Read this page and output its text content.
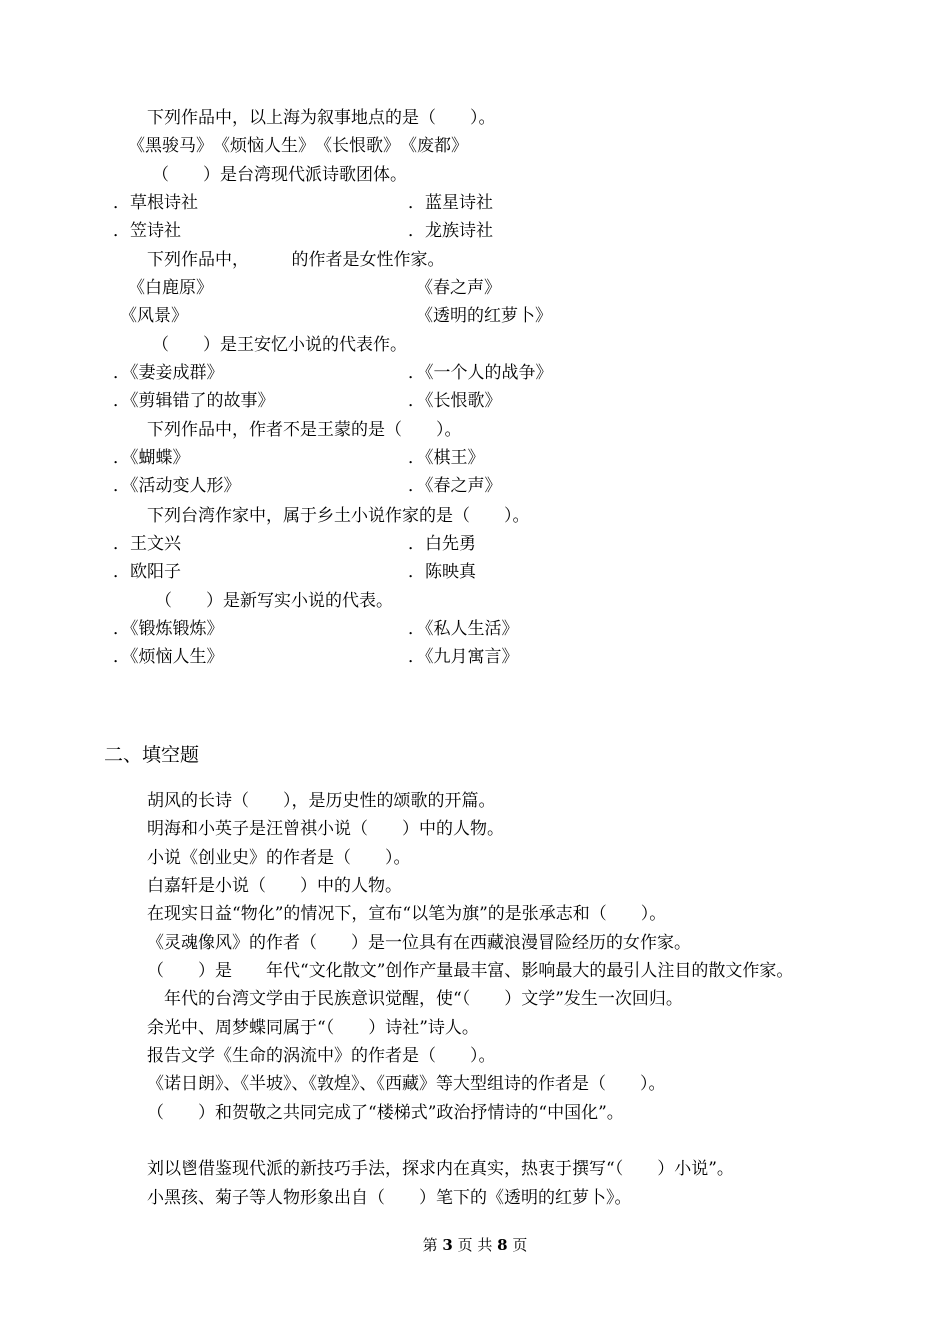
下列作品中，以上海为叙事地点的是（　　）。
《黑骏马》　《烦恼人生》　《长恨歌》　《废都》
（　　）是台湾现代派诗歌团体。
．草根诗社	．蓝星诗社
．笠诗社	．龙族诗社
下列作品中，　　　的作者是女性作家。
《白鹿原》	《春之声》
《风景》	《透明的红萝卜》
（　　）是王安忆小说的代表作。
．《妻妾成群》	．《一个人的战争》
．《剪辑错了的故事》	．《长恨歌》
下列作品中，作者不是王蒙的是（　　）。
．《蝴蝶》	．《棋王》
．《活动变人形》	．《春之声》
下列台湾作家中，属于乡土小说作家的是（　　）。
．王文兴	．白先勇
．欧阳子	．陈映真
（　　）是新写实小说的代表。
．《锻炼锻炼》	．《私人生活》
．《烦恼人生》	．《九月寓言》
二、填空题
胡风的长诗（　　），是历史性的颂歌的开篇。
明海和小英子是汪曾祺小说（　　）中的人物。
小说《创业史》的作者是（　　）。
白嘉轩是小说（　　）中的人物。
在现实日益“物化”的情况下，宣布“以笔为旗”的是张承志和（　　）。
《灵魂像风》的作者（　　）是一位具有在西藏浪漫冒险经历的女作家。
（　　）是　　年代“文化散文”创作产量最丰富、影响最大的最引人注目的散文作家。
　年代的台湾文学由于民族意识觉醒，使“（　　）文学”发生一次回归。
余光中、周梦蝶同属于“（　　）诗社”诗人。
报告文学《生命的涡流中》的作者是（　　）。
《诺日朗》、《半坡》、《敦煌》、《西藏》等大型组诗的作者是（　　）。
（　　）和贺敬之共同完成了“楼梯式”政治抒情诗的“中国化”。
刘以鬯借鉴现代派的新技巧手法，探求内在真实，热衷于撰写“（　　）小说”。
小黑孩、菊子等人物形象出自（　　）笔下的《透明的红萝卜》。
第 3 页 共 8 页
